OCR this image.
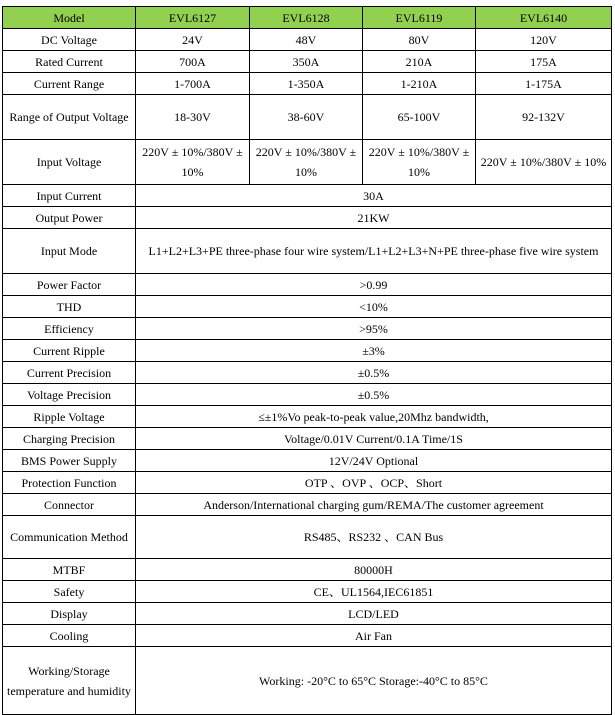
Model	EVL6127	EVL6128	EVL6119	EVL6140
DC Voltage	24V	48V	80V	120V
Rated Current	700A	350A	210A	175A
Current Range	1-700A	1-350A	1-210A	1-175A
Range of Output Voltage	18-30V	38-60V	65-100V	92-132V
Input Voltage	220V ± 10%/380V ± 10%	220V ± 10%/380V ± 10%	220V ± 10%/380V ± 10%	220V ± 10%/380V ± 10%
Input Current	30A			
Output Power	21KW			
Input Mode	L1+L2+L3+PE three-phase four wire system/L1+L2+L3+N+PE three-phase five wire system			
Power Factor	>0.99			
THD	<10%			
Efficiency	>95%			
Current Ripple	±3%			
Current Precision	±0.5%			
Voltage Precision	±0.5%			
Ripple Voltage	≤±1%Vo peak-to-peak value,20Mhz bandwidth,			
Charging Precision	Voltage/0.01V Current/0.1A Time/1S			
BMS Power Supply	12V/24V Optional			
Protection Function	OTP 、OVP 、OCP、Short			
Connector	Anderson/International charging gum/REMA/The customer agreement			
Communication Method	RS485、RS232 、CAN Bus			
MTBF	80000H			
Safety	CE、UL1564,IEC61851			
Display	LCD/LED			
Cooling	Air Fan			
Working/Storage temperature and humidity	Working: -20°C to 65°C Storage:-40°C to 85°C			
